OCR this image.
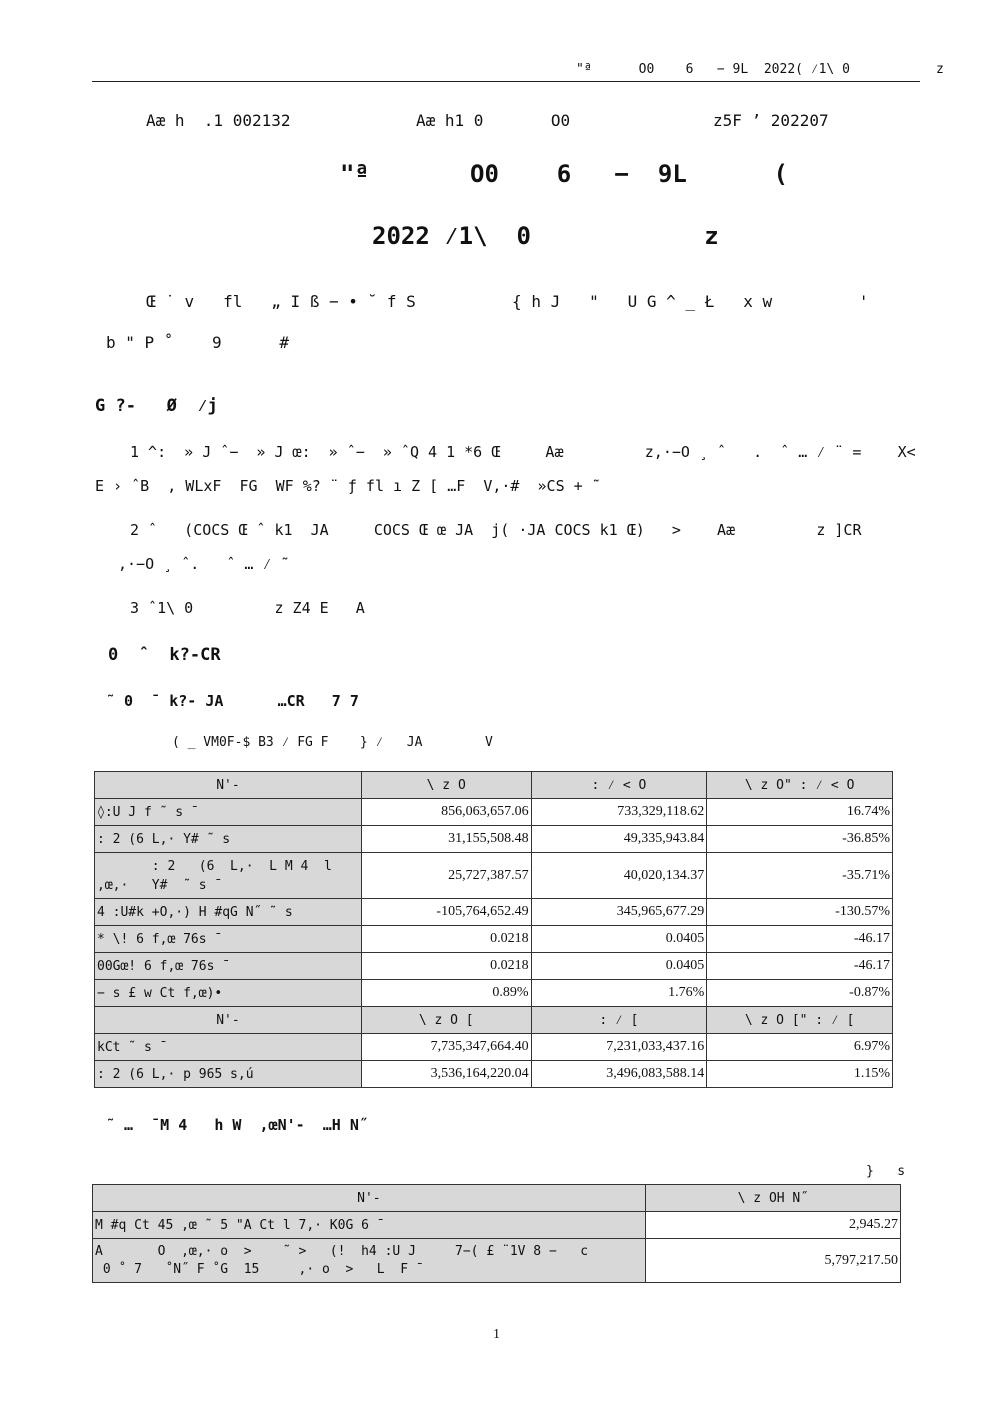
"ª      O0    6   − 9L  2022( ⁄1\ 0           z
Aæ h  .1 002132	Aæ h1 0       O0	z5F ’ 202207
"ª       O0    6   −  9L      (
2022 ⁄1\  0            z
Œ ˙ v   fl   „ I ß − • ˘ f S          { h J   "   U G ^ _ Ł   x w         '
b " P ˚    9      #
G ?-   Ø  ⁄j
1 ^:  » J ˆ−  » J œ:  » ˆ−  » ˆQ 4 1 *6 Œ     Aæ         z,·−O ¸ ˆ   .  ˆ … ⁄ ¨ =    X<
E › ˆB  , WLxF  FG  WF %? ¨ ƒ fl ı Z [ …F  V,·#  »CS + ˜
2 ˆ   (COCS Œ ˆ k1  JA     COCS Œ œ JA  j( ·JA COCS k1 Œ)   >    Aæ         z ]CR
,·−O ¸ ˆ.   ˆ … ⁄ ˜
3 ˆ1\ 0         z Z4 E   A
0  ˆ  k?-CR
˜ 0  ˉ k?- JA      …CR   7 7
( _ VM0F-$ B3 ⁄ FG F    } ⁄   JA        V
N'-	\ z O	: ⁄ < O	\ z O" : ⁄ < O
◊:U J f ˜ s ˉ	856,063,657.06	733,329,118.62	16.74%
: 2 (6 L,· Y# ˜ s	31,155,508.48	49,335,943.84	-36.85%
: 2   (6  L,·  L M 4  l
,œ,·   Y#  ˜ s ˉ	25,727,387.57	40,020,134.37	-35.71%
4 :U#k +O,·) H #qG N˝ ˜ s	-105,764,652.49	345,965,677.29	-130.57%
* \! 6 f,œ 76s ˉ	0.0218	0.0405	-46.17
00Gœ! 6 f,œ 76s ˉ	0.0218	0.0405	-46.17
− s £ w Ct f,œ)•	0.89%	1.76%	-0.87%
N'-	\ z O [	: ⁄ [	\ z O [" : ⁄ [
kCt ˜ s ˉ	7,735,347,664.40	7,231,033,437.16	6.97%
: 2 (6 L,· p 965 s,ú	3,536,164,220.04	3,496,083,588.14	1.15%
˜ …  ˉM 4   h W  ,œN'-  …H N˝
}   s
N'-	\ z OH N˝
M #q Ct 45 ,œ ˜ 5 "A Ct l 7,· K0G 6 ˉ	2,945.27
A       O  ,œ,· o  >    ˜ >   (!  h4 :U J     7−( £ ¨1V 8 −   c
0 ˚ 7   ˚N˝ F ˚G  15     ,· o  >   L  F ˉ	5,797,217.50
1
